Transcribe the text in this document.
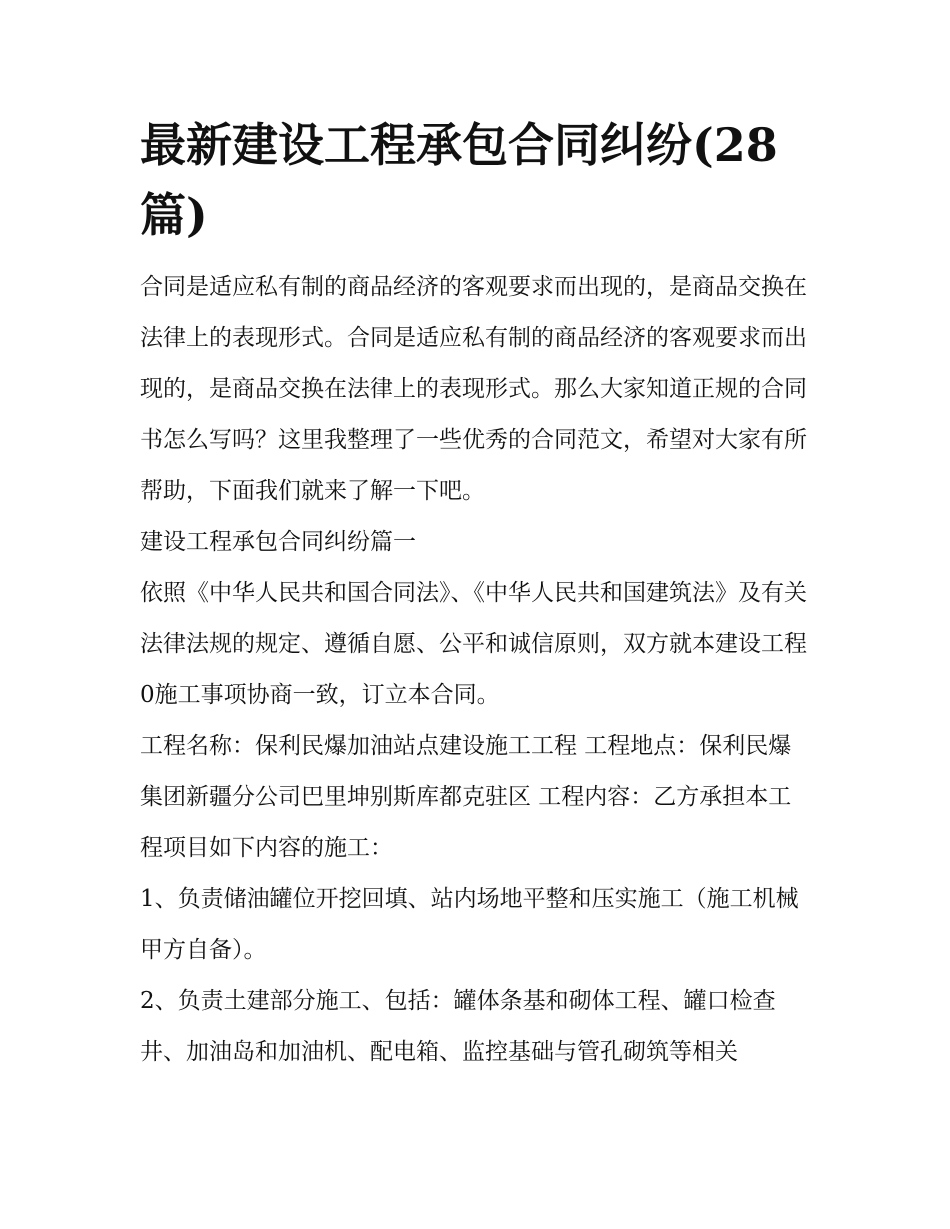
最新建设工程承包合同纠纷(28篇)

合同是适应私有制的商品经济的客观要求而出现的，是商品交换在法律上的表现形式。合同是适应私有制的商品经济的客观要求而出现的，是商品交换在法律上的表现形式。那么大家知道正规的合同书怎么写吗？这里我整理了一些优秀的合同范文，希望对大家有所帮助，下面我们就来了解一下吧。

建设工程承包合同纠纷篇一

依照《中华人民共和国合同法》、《中华人民共和国建筑法》及有关法律法规的规定、遵循自愿、公平和诚信原则，双方就本建设工程0施工事项协商一致，订立本合同。

工程名称：保利民爆加油站点建设施工工程 工程地点：保利民爆集团新疆分公司巴里坤别斯库都克驻区 工程内容：乙方承担本工程项目如下内容的施工：

1、负责储油罐位开挖回填、站内场地平整和压实施工（施工机械甲方自备）。

2、负责土建部分施工、包括：罐体条基和砌体工程、罐口检查井、加油岛和加油机、配电箱、监控基础与管孔砌筑等相关
